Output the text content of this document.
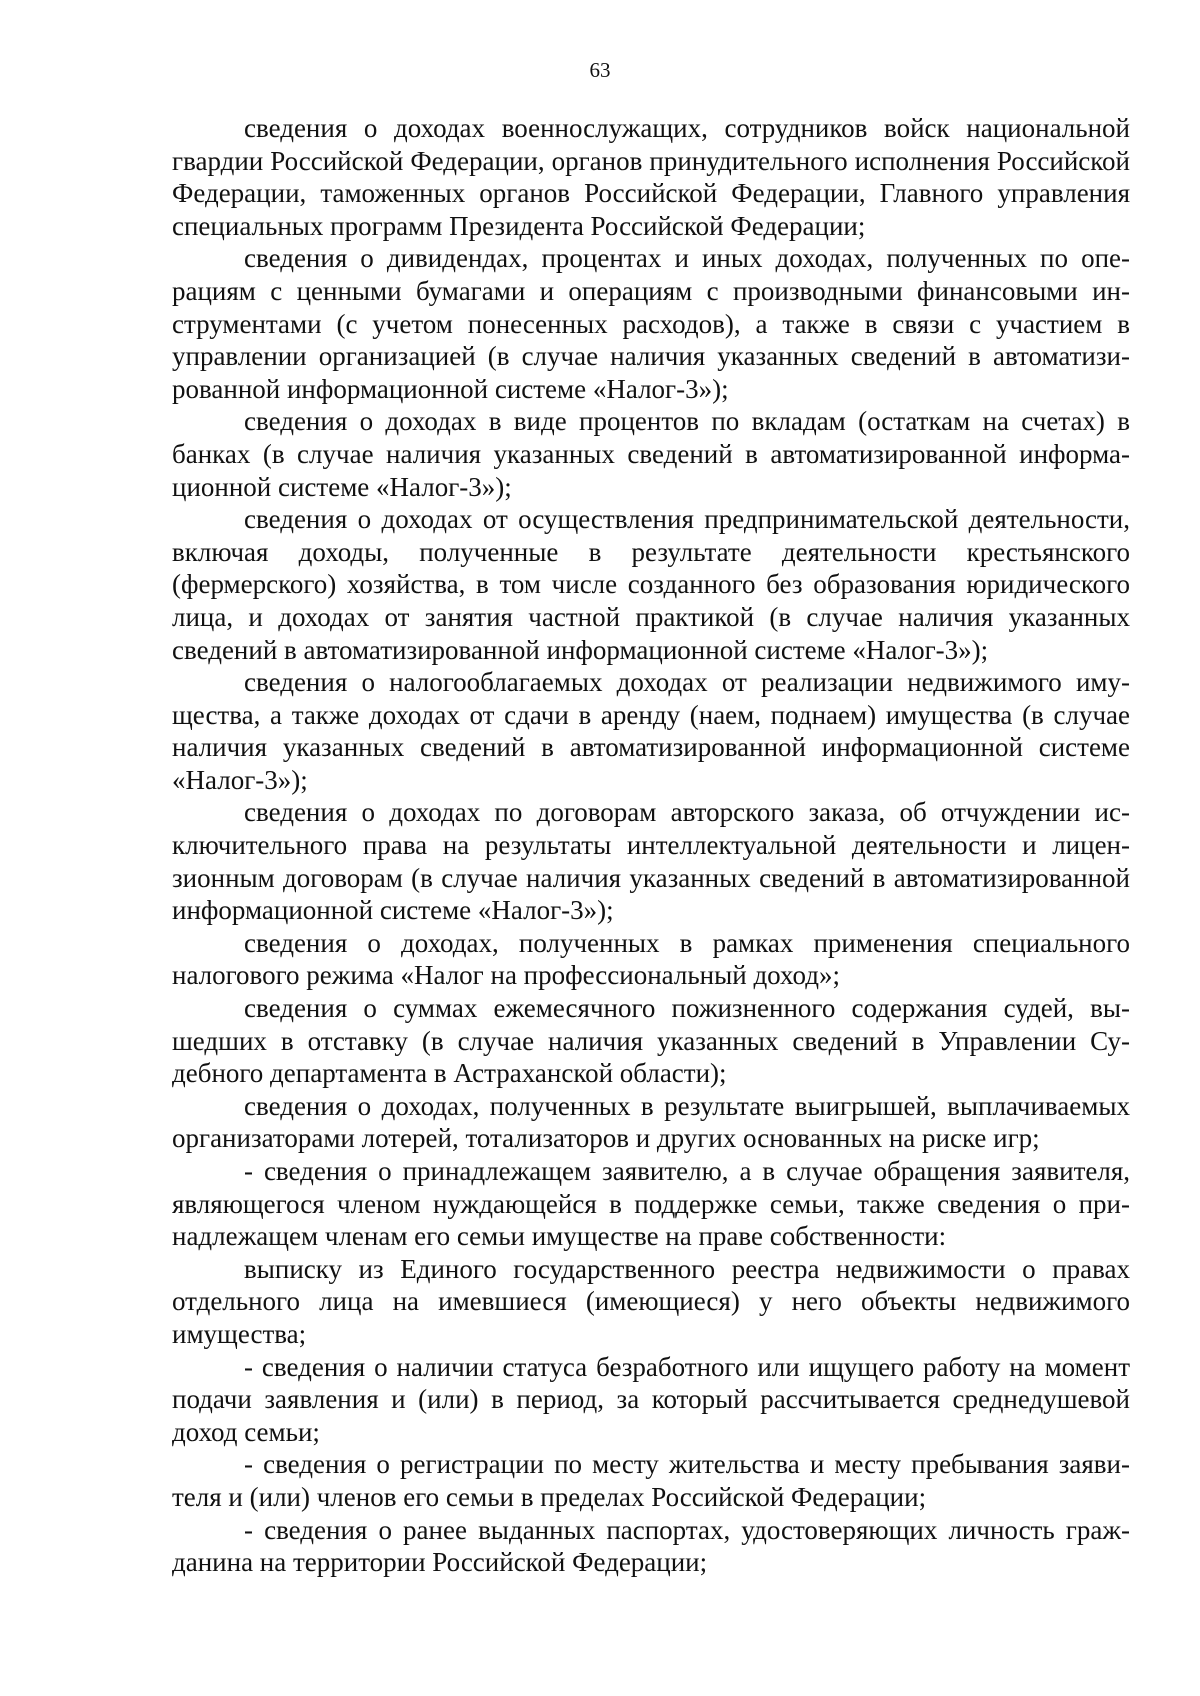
63

сведения о доходах военнослужащих, сотрудников войск национальной гвардии Российской Федерации, органов принудительного исполнения Российской Федерации, таможенных органов Российской Федерации, Главного управления специальных программ Президента Российской Федерации;

сведения о дивидендах, процентах и иных доходах, полученных по операциям с ценными бумагами и операциям с производными финансовыми инструментами (с учетом понесенных расходов), а также в связи с участием в управлении организацией (в случае наличия указанных сведений в автоматизированной информационной системе «Налог-3»);

сведения о доходах в виде процентов по вкладам (остаткам на счетах) в банках (в случае наличия указанных сведений в автоматизированной информационной системе «Налог-3»);

сведения о доходах от осуществления предпринимательской деятельности, включая доходы, полученные в результате деятельности крестьянского (фермерского) хозяйства, в том числе созданного без образования юридического лица, и доходах от занятия частной практикой (в случае наличия указанных сведений в автоматизированной информационной системе «Налог-3»);

сведения о налогооблагаемых доходах от реализации недвижимого имущества, а также доходах от сдачи в аренду (наем, поднаем) имущества (в случае наличия указанных сведений в автоматизированной информационной системе «Налог-3»);

сведения о доходах по договорам авторского заказа, об отчуждении исключительного права на результаты интеллектуальной деятельности и лицензионным договорам (в случае наличия указанных сведений в автоматизированной информационной системе «Налог-3»);

сведения о доходах, полученных в рамках применения специального налогового режима «Налог на профессиональный доход»;

сведения о суммах ежемесячного пожизненного содержания судей, вышедших в отставку (в случае наличия указанных сведений в Управлении Судебного департамента в Астраханской области);

сведения о доходах, полученных в результате выигрышей, выплачиваемых организаторами лотерей, тотализаторов и других основанных на риске игр;

- сведения о принадлежащем заявителю, а в случае обращения заявителя, являющегося членом нуждающейся в поддержке семьи, также сведения о принадлежащем членам его семьи имуществе на праве собственности:

выписку из Единого государственного реестра недвижимости о правах отдельного лица на имевшиеся (имеющиеся) у него объекты недвижимого имущества;

- сведения о наличии статуса безработного или ищущего работу на момент подачи заявления и (или) в период, за который рассчитывается среднедушевой доход семьи;

- сведения о регистрации по месту жительства и месту пребывания заявителя и (или) членов его семьи в пределах Российской Федерации;

- сведения о ранее выданных паспортах, удостоверяющих личность гражданина на территории Российской Федерации;
